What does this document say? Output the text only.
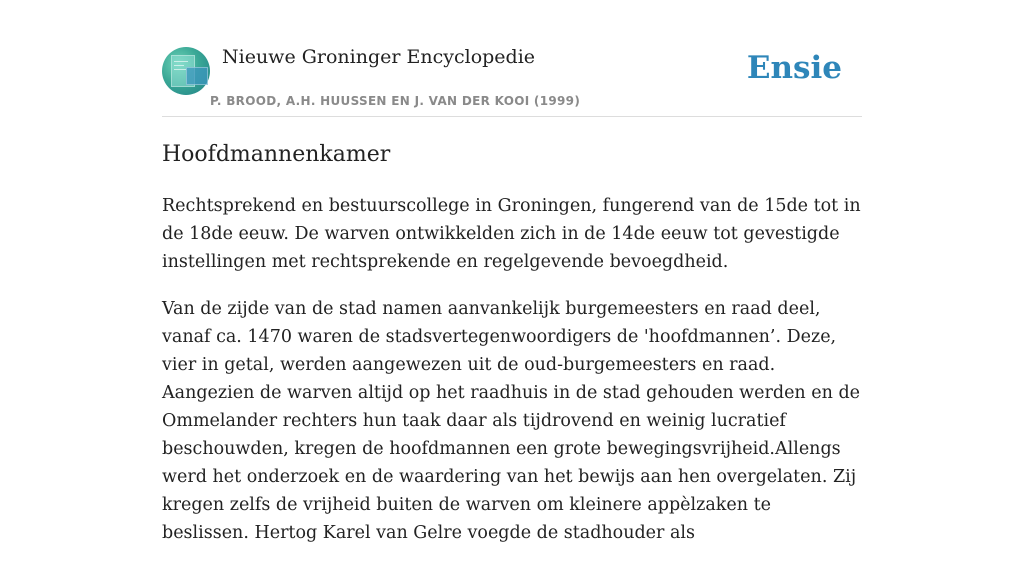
Nieuwe Groninger Encyclopedie
P. BROOD, A.H. HUUSSEN EN J. VAN DER KOOI (1999)
Ensie
Hoofdmannenkamer

Rechtsprekend en bestuurscollege in Groningen, fungerend van de 15de tot in de 18de eeuw. De warven ontwikkelden zich in de 14de eeuw tot gevestigde instellingen met rechtsprekende en regelgevende bevoegdheid.

Van de zijde van de stad namen aanvankelijk burgemeesters en raad deel, vanaf ca. 1470 waren de stadsvertegenwoordigers de 'hoofdmannen’. Deze, vier in getal, werden aangewezen uit de oud-burgemeesters en raad. Aangezien de warven altijd op het raadhuis in de stad gehouden werden en de Ommelander rechters hun taak daar als tijdrovend en weinig lucratief beschouwden, kregen de hoofdmannen een grote bewegingsvrijheid.Allengs werd het onderzoek en de waardering van het bewijs aan hen overgelaten. Zij kregen zelfs de vrijheid buiten de warven om kleinere appèlzaken te beslissen. Hertog Karel van Gelre voegde de stadhouder als
